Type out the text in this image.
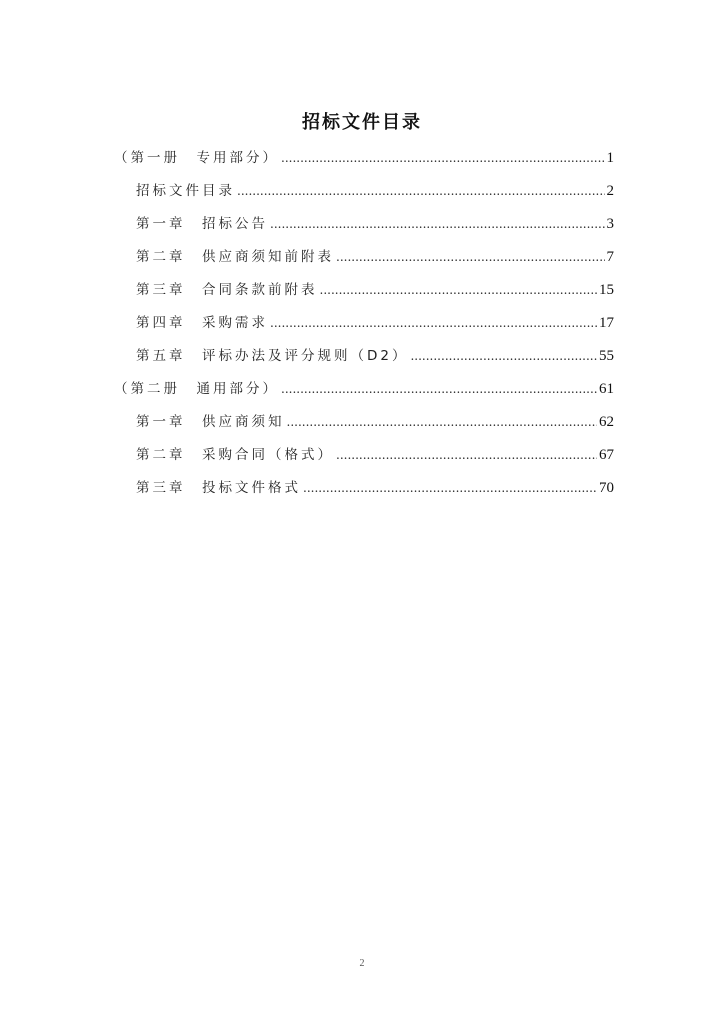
招标文件目录
（第一册　专用部分） .....	1
招标文件目录 .....	2
第一章　招标公告 .....	3
第二章　供应商须知前附表 .....	7
第三章　合同条款前附表 .....	15
第四章　采购需求 .....	17
第五章　评标办法及评分规则（D2） .....	55
（第二册　通用部分） .....	61
第一章　供应商须知 .....	62
第二章　采购合同（格式） .....	67
第三章　投标文件格式 .....	70
2
